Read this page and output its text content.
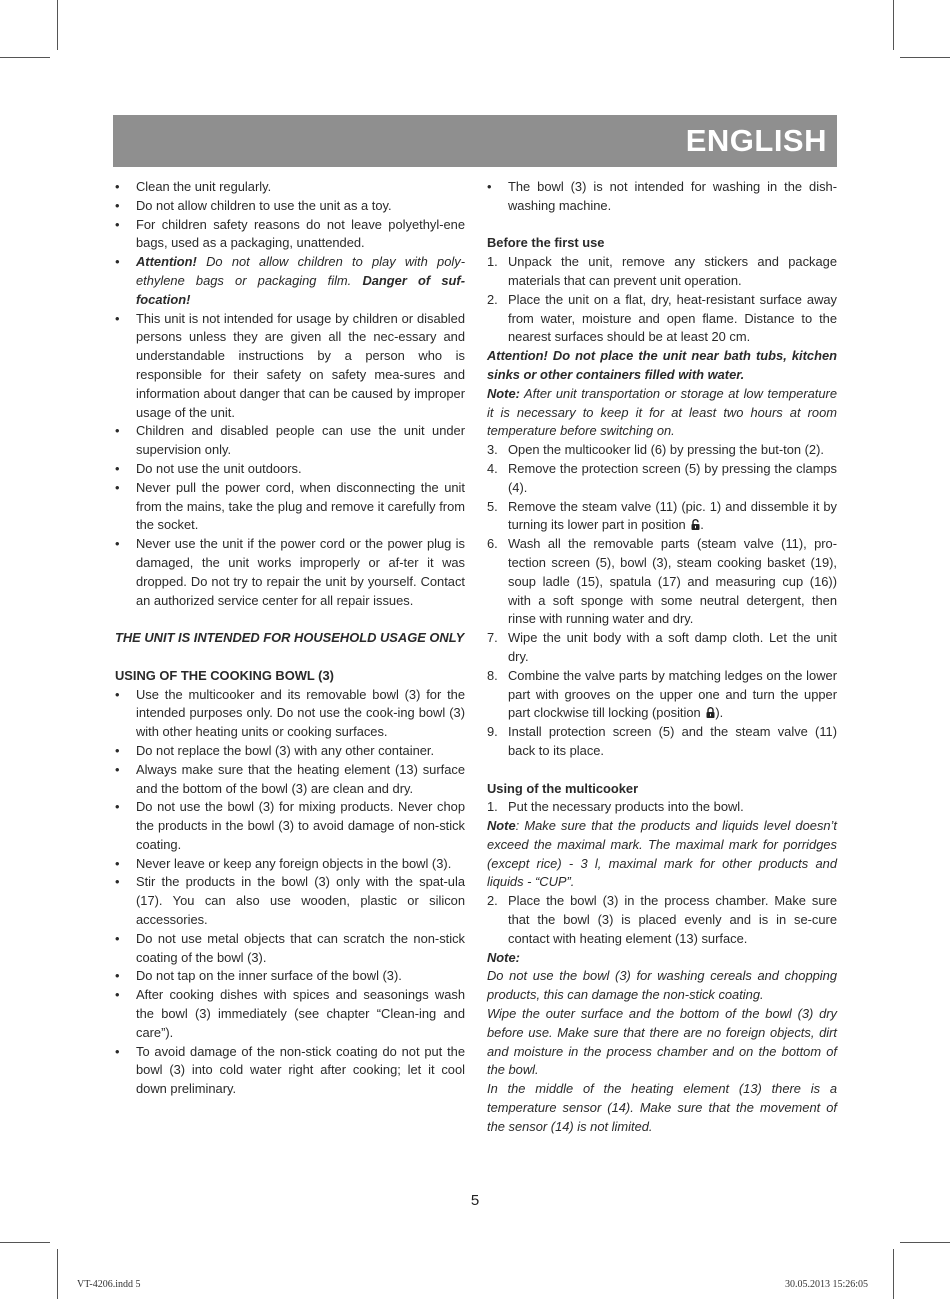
ENGLISH
• Clean the unit regularly.
• Do not allow children to use the unit as a toy.
• For children safety reasons do not leave polyethyl-ene bags, used as a packaging, unattended.
• Attention! Do not allow children to play with poly-ethylene bags or packaging film. Danger of suf-focation!
• This unit is not intended for usage by children or disabled persons unless they are given all the nec-essary and understandable instructions by a person who is responsible for their safety on safety mea-sures and information about danger that can be caused by improper usage of the unit.
• Children and disabled people can use the unit under supervision only.
• Do not use the unit outdoors.
• Never pull the power cord, when disconnecting the unit from the mains, take the plug and remove it carefully from the socket.
• Never use the unit if the power cord or the power plug is damaged, the unit works improperly or af-ter it was dropped. Do not try to repair the unit by yourself. Contact an authorized service center for all repair issues.
THE UNIT IS INTENDED FOR HOUSEHOLD USAGE ONLY
USING OF THE COOKING BOWL (3)
• Use the multicooker and its removable bowl (3) for the intended purposes only. Do not use the cook-ing bowl (3) with other heating units or cooking surfaces.
• Do not replace the bowl (3) with any other container.
• Always make sure that the heating element (13) surface and the bottom of the bowl (3) are clean and dry.
• Do not use the bowl (3) for mixing products. Never chop the products in the bowl (3) to avoid damage of non-stick coating.
• Never leave or keep any foreign objects in the bowl (3).
• Stir the products in the bowl (3) only with the spat-ula (17). You can also use wooden, plastic or silicon accessories.
• Do not use metal objects that can scratch the non-stick coating of the bowl (3).
• Do not tap on the inner surface of the bowl (3).
• After cooking dishes with spices and seasonings wash the bowl (3) immediately (see chapter “Clean-ing and care”).
• To avoid damage of the non-stick coating do not put the bowl (3) into cold water right after cooking; let it cool down preliminary.
• The bowl (3) is not intended for washing in the dish-washing machine.
Before the first use
1. Unpack the unit, remove any stickers and package materials that can prevent unit operation.
2. Place the unit on a flat, dry, heat-resistant surface away from water, moisture and open flame. Distance to the nearest surfaces should be at least 20 cm.
Attention! Do not place the unit near bath tubs, kitchen sinks or other containers filled with water.
Note: After unit transportation or storage at low temperature it is necessary to keep it for at least two hours at room temperature before switching on.
3. Open the multicooker lid (6) by pressing the but-ton (2).
4. Remove the protection screen (5) by pressing the clamps (4).
5. Remove the steam valve (11) (pic. 1) and dissemble it by turning its lower part in position .
6. Wash all the removable parts (steam valve (11), pro-tection screen (5), bowl (3), steam cooking basket (19), soup ladle (15), spatula (17) and measuring cup (16)) with a soft sponge with some neutral detergent, then rinse with running water and dry.
7. Wipe the unit body with a soft damp cloth. Let the unit dry.
8. Combine the valve parts by matching ledges on the lower part with grooves on the upper one and turn the upper part clockwise till locking (position ).
9. Install protection screen (5) and the steam valve (11) back to its place.
Using of the multicooker
1. Put the necessary products into the bowl.
Note: Make sure that the products and liquids level doesn’t exceed the maximal mark. The maximal mark for porridges (except rice) - 3 l, maximal mark for other products and liquids - “CUP”.
2. Place the bowl (3) in the process chamber. Make sure that the bowl (3) is placed evenly and is in se-cure contact with heating element (13) surface.
Note:
Do not use the bowl (3) for washing cereals and chopping products, this can damage the non-stick coating.
Wipe the outer surface and the bottom of the bowl (3) dry before use. Make sure that there are no foreign objects, dirt and moisture in the process chamber and on the bottom of the bowl.
In the middle of the heating element (13) there is a temperature sensor (14). Make sure that the movement of the sensor (14) is not limited.
5
VT-4206.indd 5	30.05.2013 15:26:05
